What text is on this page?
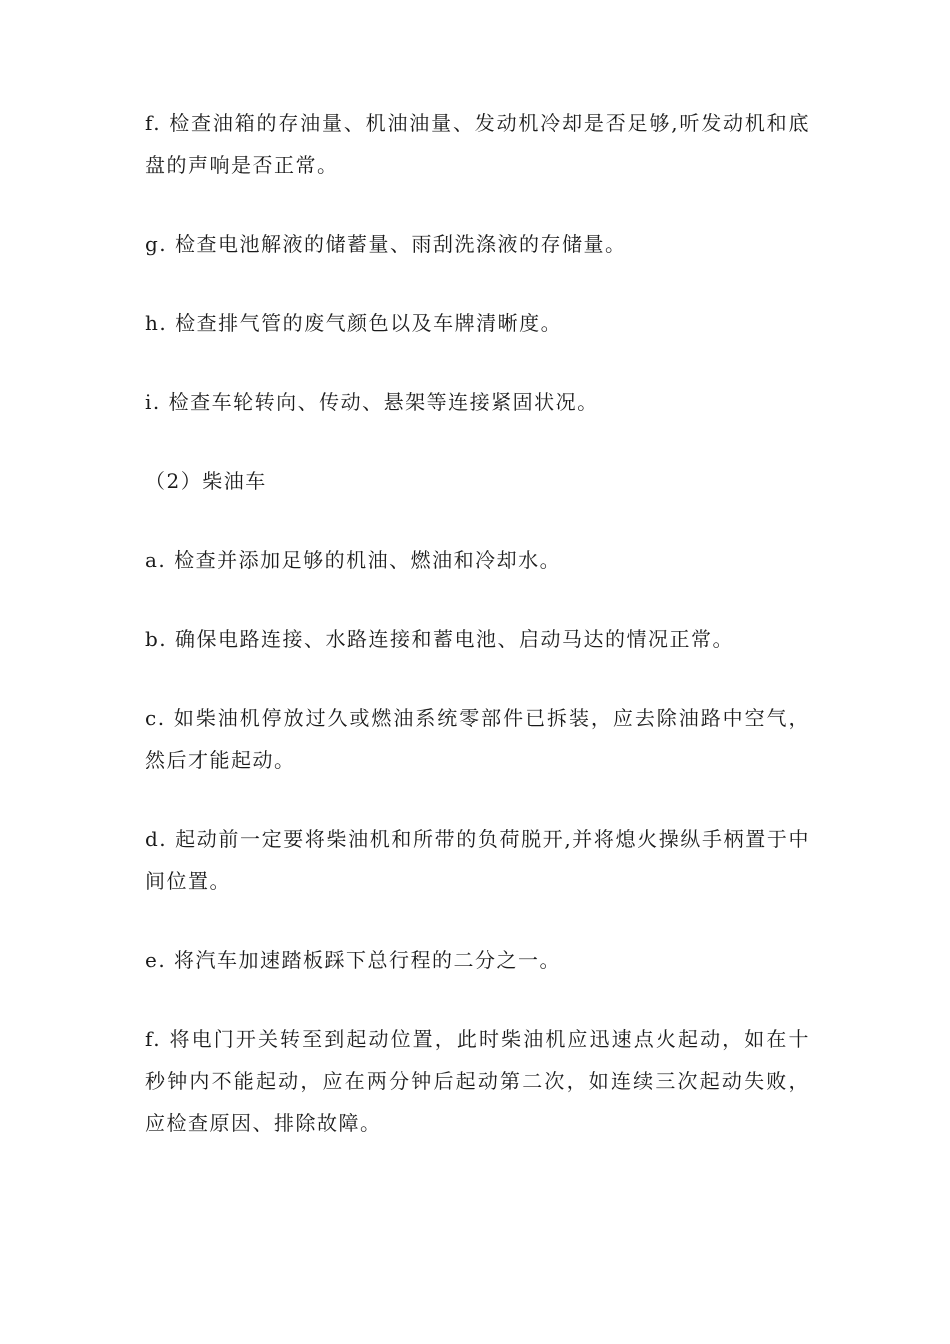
f. 检查油箱的存油量、机油油量、发动机冷却是否足够,听发动机和底盘的声响是否正常。

g. 检查电池解液的储蓄量、雨刮洗涤液的存储量。

h. 检查排气管的废气颜色以及车牌清晰度。

i. 检查车轮转向、传动、悬架等连接紧固状况。

（2）柴油车

a. 检查并添加足够的机油、燃油和冷却水。

b. 确保电路连接、水路连接和蓄电池、启动马达的情况正常。

c. 如柴油机停放过久或燃油系统零部件已拆装，应去除油路中空气，然后才能起动。

d. 起动前一定要将柴油机和所带的负荷脱开,并将熄火操纵手柄置于中间位置。

e. 将汽车加速踏板踩下总行程的二分之一。

f. 将电门开关转至到起动位置，此时柴油机应迅速点火起动，如在十秒钟内不能起动，应在两分钟后起动第二次，如连续三次起动失败，应检查原因、排除故障。
